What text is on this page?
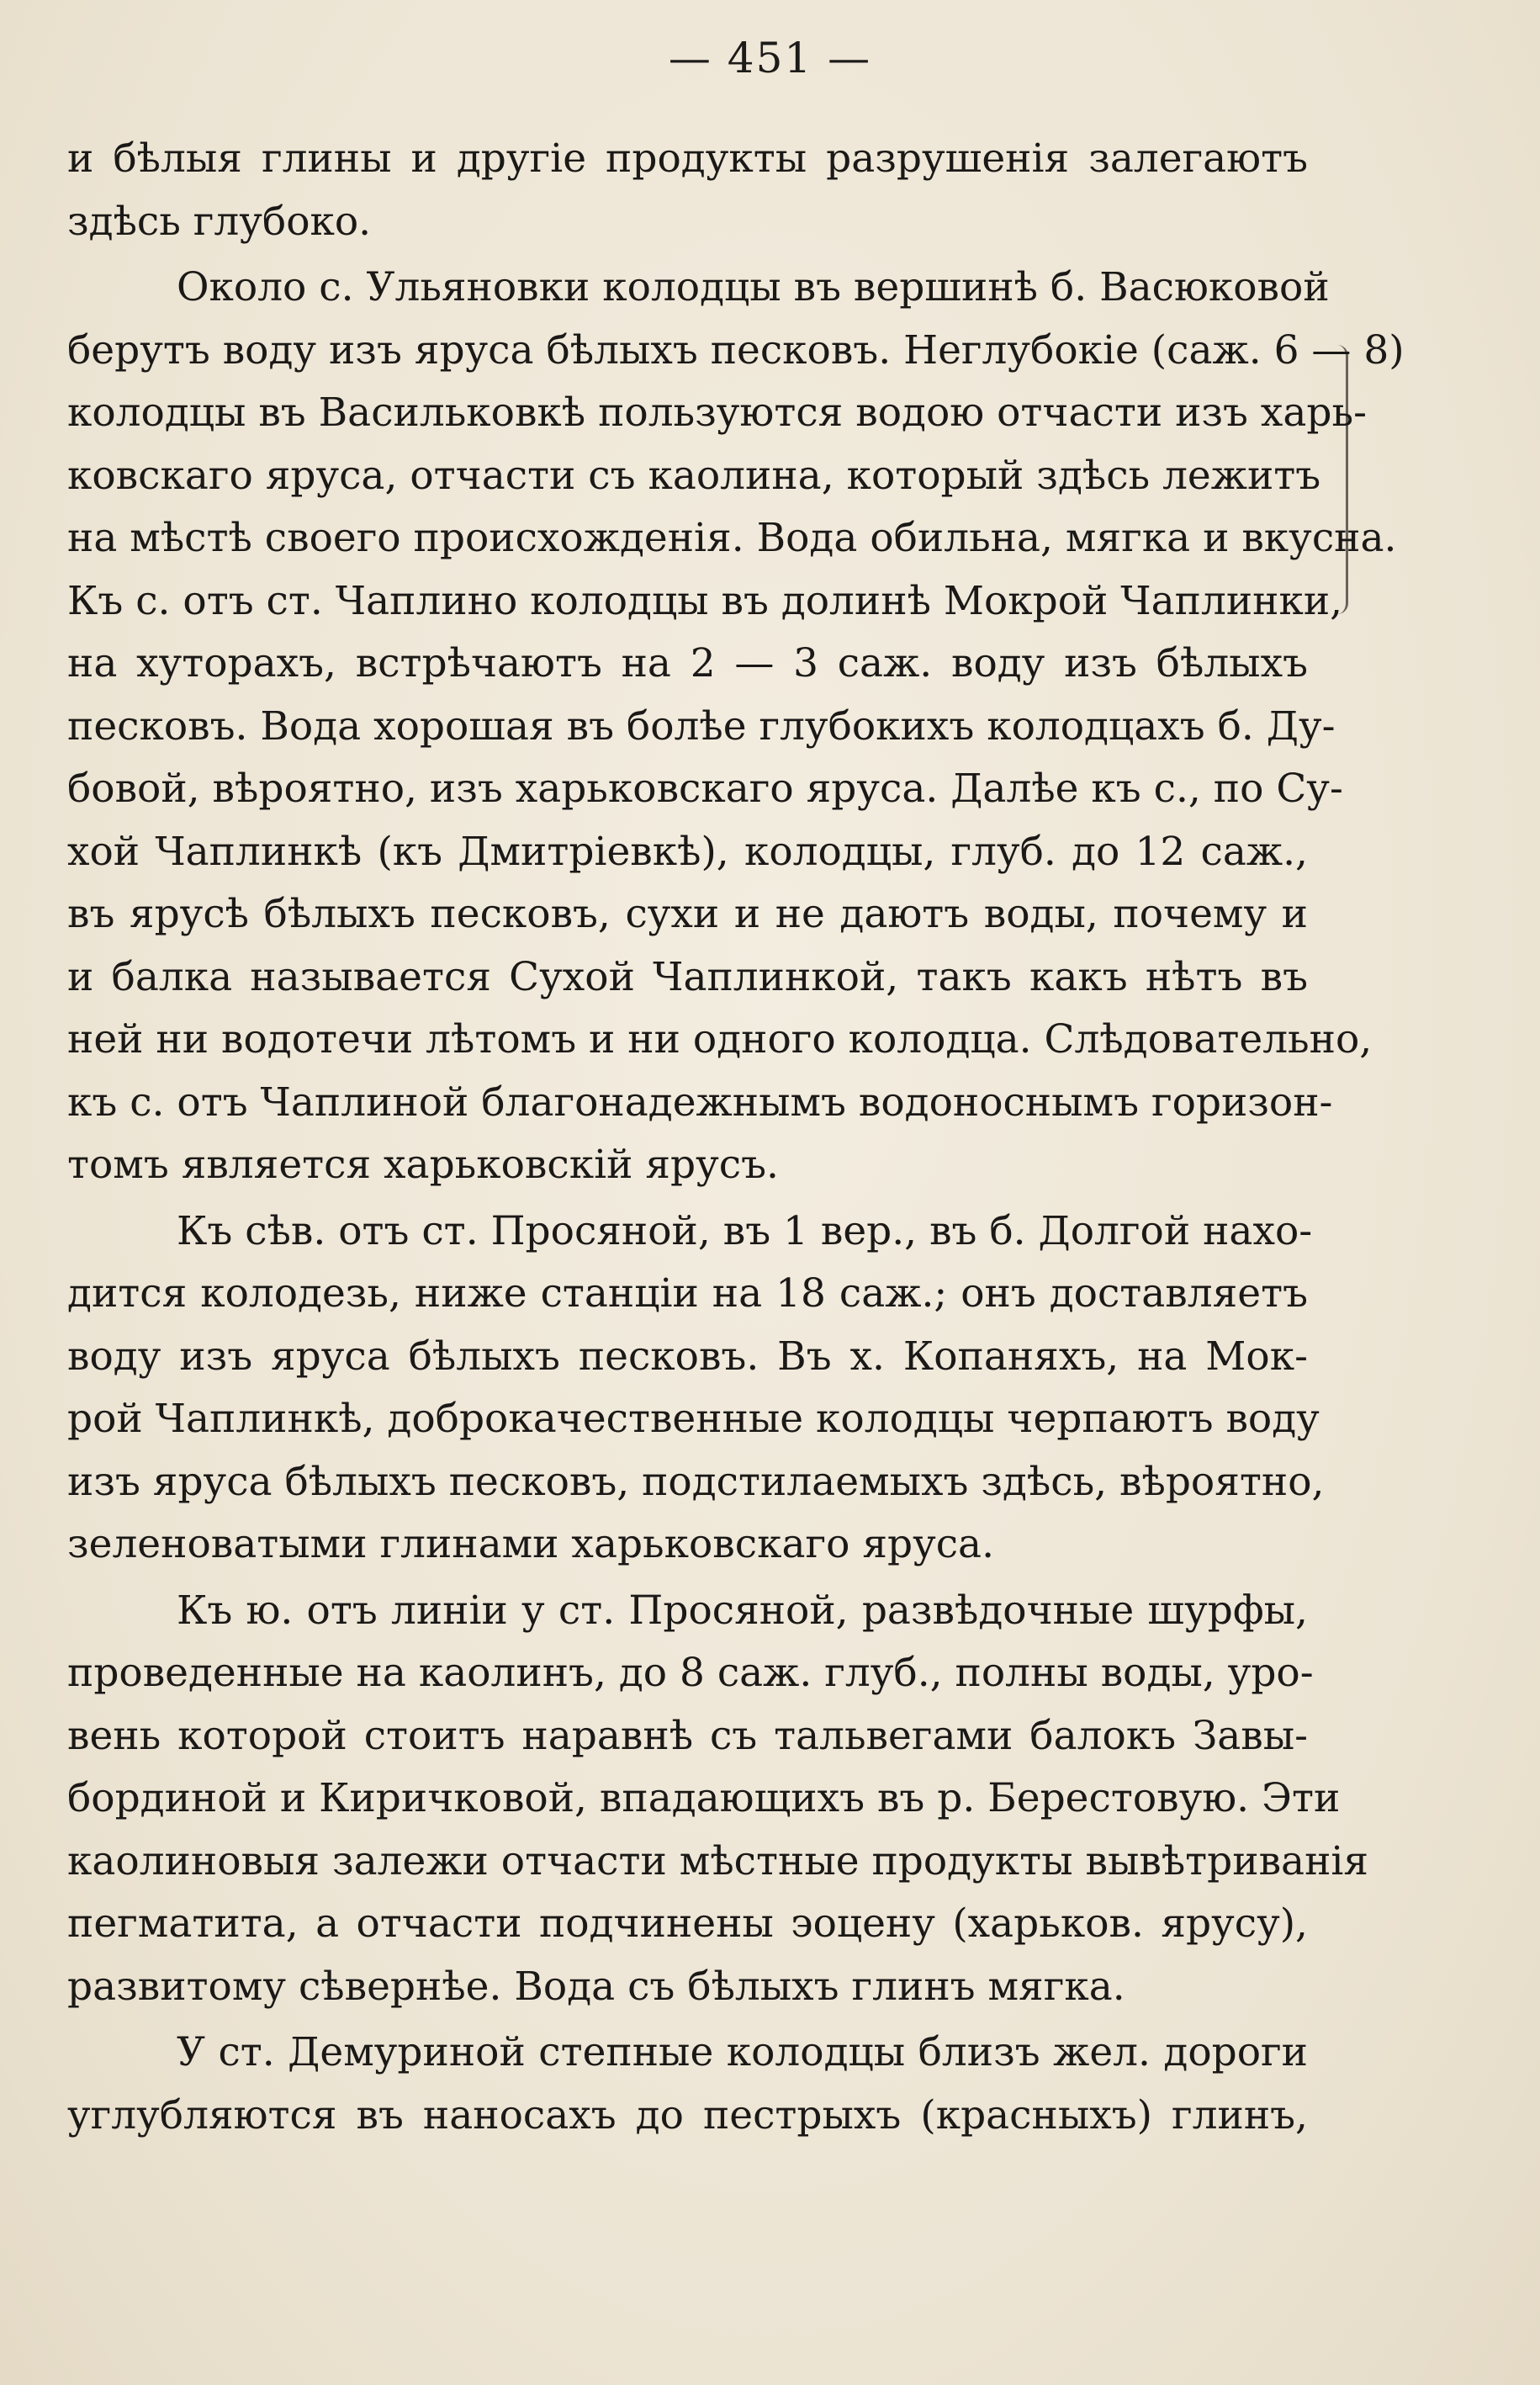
— 451 —
и бѣлыя глины и другіе продукты разрушенія залегаютъ
здѣсь глубоко.
Около с. Ульяновки колодцы въ вершинѣ б. Васюковой
берутъ воду изъ яруса бѣлыхъ песковъ. Неглубокіе (саж. 6 — 8)
колодцы въ Васильковкѣ пользуются водою отчасти изъ харь-
ковскаго яруса, отчасти съ каолина, который здѣсь лежитъ
на мѣстѣ своего происхожденія. Вода обильна, мягка и вкусна.
Къ с. отъ ст. Чаплино колодцы въ долинѣ Мокрой Чаплинки,
на хуторахъ, встрѣчаютъ на 2 — 3 саж. воду изъ бѣлыхъ
песковъ. Вода хорошая въ болѣе глубокихъ колодцахъ б. Ду-
бовой, вѣроятно, изъ харьковскаго яруса. Далѣе къ с., по Су-
хой Чаплинкѣ (къ Дмитріевкѣ), колодцы, глуб. до 12 саж.,
въ ярусѣ бѣлыхъ песковъ, сухи и не даютъ воды, почему и
и балка называется Сухой Чаплинкой, такъ какъ нѣтъ въ
ней ни водотечи лѣтомъ и ни одного колодца. Слѣдовательно,
къ с. отъ Чаплиной благонадежнымъ водоноснымъ горизон-
томъ является харьковскій ярусъ.
Къ сѣв. отъ ст. Просяной, въ 1 вер., въ б. Долгой нахо-
дится колодезь, ниже станціи на 18 саж.; онъ доставляетъ
воду изъ яруса бѣлыхъ песковъ. Въ х. Копаняхъ, на Мок-
рой Чаплинкѣ, доброкачественные колодцы черпаютъ воду
изъ яруса бѣлыхъ песковъ, подстилаемыхъ здѣсь, вѣроятно,
зеленоватыми глинами харьковскаго яруса.
Къ ю. отъ линіи у ст. Просяной, развѣдочные шурфы,
проведенные на каолинъ, до 8 саж. глуб., полны воды, уро-
вень которой стоитъ наравнѣ съ тальвегами балокъ Завы-
бординой и Киричковой, впадающихъ въ р. Берестовую. Эти
каолиновыя залежи отчасти мѣстные продукты вывѣтриванія
пегматита, а отчасти подчинены эоцену (харьков. ярусу),
развитому сѣвернѣе. Вода съ бѣлыхъ глинъ мягка.
У ст. Демуриной степные колодцы близъ жел. дороги
углубляются въ наносахъ до пестрыхъ (красныхъ) глинъ,
